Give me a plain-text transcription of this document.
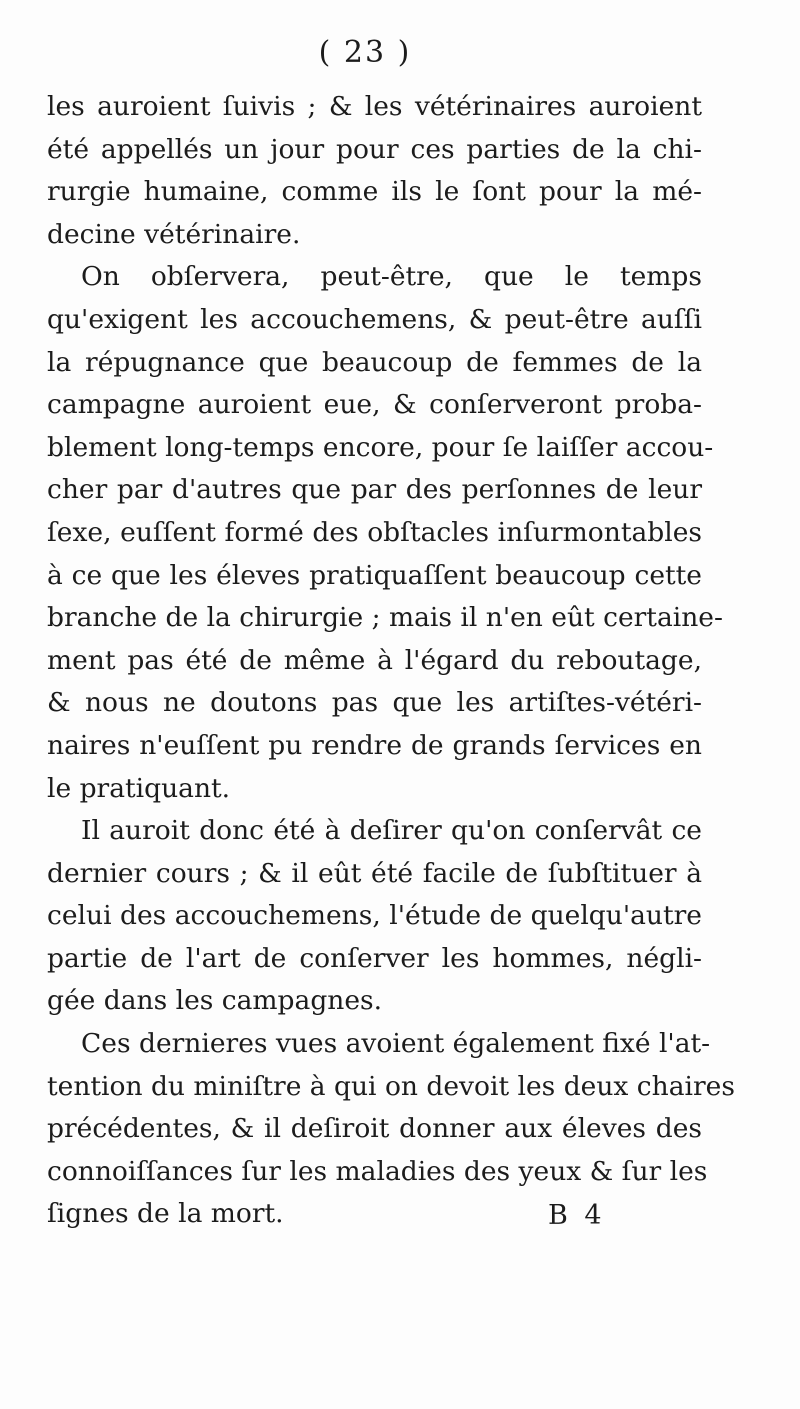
( 23 )
les auroient ſuivis ; & les vétérinaires auroient
été appellés un jour pour ces parties de la chi-
rurgie humaine, comme ils le ſont pour la mé-
decine vétérinaire.
On obſervera, peut-être, que le temps
qu'exigent les accouchemens, & peut-être auſſi
la répugnance que beaucoup de femmes de la
campagne auroient eue, & conſerveront proba-
blement long-temps encore, pour ſe laiſſer accou-
cher par d'autres que par des perſonnes de leur
ſexe, euſſent formé des obſtacles inſurmontables
à ce que les éleves pratiquaſſent beaucoup cette
branche de la chirurgie ; mais il n'en eût certaine-
ment pas été de même à l'égard du reboutage,
& nous ne doutons pas que les artiſtes-vétéri-
naires n'euſſent pu rendre de grands ſervices en
le pratiquant.
Il auroit donc été à deſirer qu'on conſervât ce
dernier cours ; & il eût été facile de ſubſtituer à
celui des accouchemens, l'étude de quelqu'autre
partie de l'art de conſerver les hommes, négli-
gée dans les campagnes.
Ces dernieres vues avoient également fixé l'at-
tention du miniſtre à qui on devoit les deux chaires
précédentes, & il deſiroit donner aux éleves des
connoiſſances ſur les maladies des yeux & ſur les
ſignes de la mort.	B 4
